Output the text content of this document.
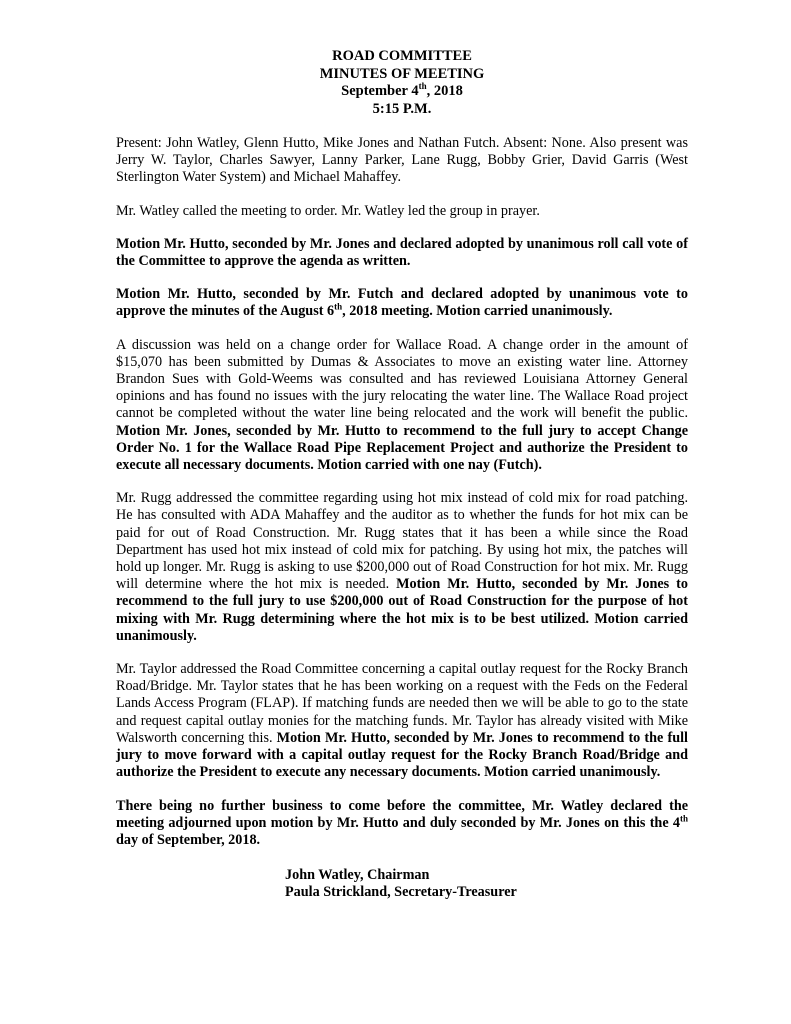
ROAD COMMITTEE
MINUTES OF MEETING
September 4th, 2018
5:15 P.M.

Present: John Watley, Glenn Hutto, Mike Jones and Nathan Futch. Absent: None. Also present was Jerry W. Taylor, Charles Sawyer, Lanny Parker, Lane Rugg, Bobby Grier, David Garris (West Sterlington Water System) and Michael Mahaffey.

Mr. Watley called the meeting to order. Mr. Watley led the group in prayer.

Motion Mr. Hutto, seconded by Mr. Jones and declared adopted by unanimous roll call vote of the Committee to approve the agenda as written.

Motion Mr. Hutto, seconded by Mr. Futch and declared adopted by unanimous vote to approve the minutes of the August 6th, 2018 meeting. Motion carried unanimously.

A discussion was held on a change order for Wallace Road. A change order in the amount of $15,070 has been submitted by Dumas & Associates to move an existing water line. Attorney Brandon Sues with Gold-Weems was consulted and has reviewed Louisiana Attorney General opinions and has found no issues with the jury relocating the water line. The Wallace Road project cannot be completed without the water line being relocated and the work will benefit the public. Motion Mr. Jones, seconded by Mr. Hutto to recommend to the full jury to accept Change Order No. 1 for the Wallace Road Pipe Replacement Project and authorize the President to execute all necessary documents. Motion carried with one nay (Futch).

Mr. Rugg addressed the committee regarding using hot mix instead of cold mix for road patching. He has consulted with ADA Mahaffey and the auditor as to whether the funds for hot mix can be paid for out of Road Construction. Mr. Rugg states that it has been a while since the Road Department has used hot mix instead of cold mix for patching. By using hot mix, the patches will hold up longer. Mr. Rugg is asking to use $200,000 out of Road Construction for hot mix. Mr. Rugg will determine where the hot mix is needed. Motion Mr. Hutto, seconded by Mr. Jones to recommend to the full jury to use $200,000 out of Road Construction for the purpose of hot mixing with Mr. Rugg determining where the hot mix is to be best utilized. Motion carried unanimously.

Mr. Taylor addressed the Road Committee concerning a capital outlay request for the Rocky Branch Road/Bridge. Mr. Taylor states that he has been working on a request with the Feds on the Federal Lands Access Program (FLAP). If matching funds are needed then we will be able to go to the state and request capital outlay monies for the matching funds. Mr. Taylor has already visited with Mike Walsworth concerning this. Motion Mr. Hutto, seconded by Mr. Jones to recommend to the full jury to move forward with a capital outlay request for the Rocky Branch Road/Bridge and authorize the President to execute any necessary documents. Motion carried unanimously.

There being no further business to come before the committee, Mr. Watley declared the meeting adjourned upon motion by Mr. Hutto and duly seconded by Mr. Jones on this the 4th day of September, 2018.

John Watley, Chairman
Paula Strickland, Secretary-Treasurer
